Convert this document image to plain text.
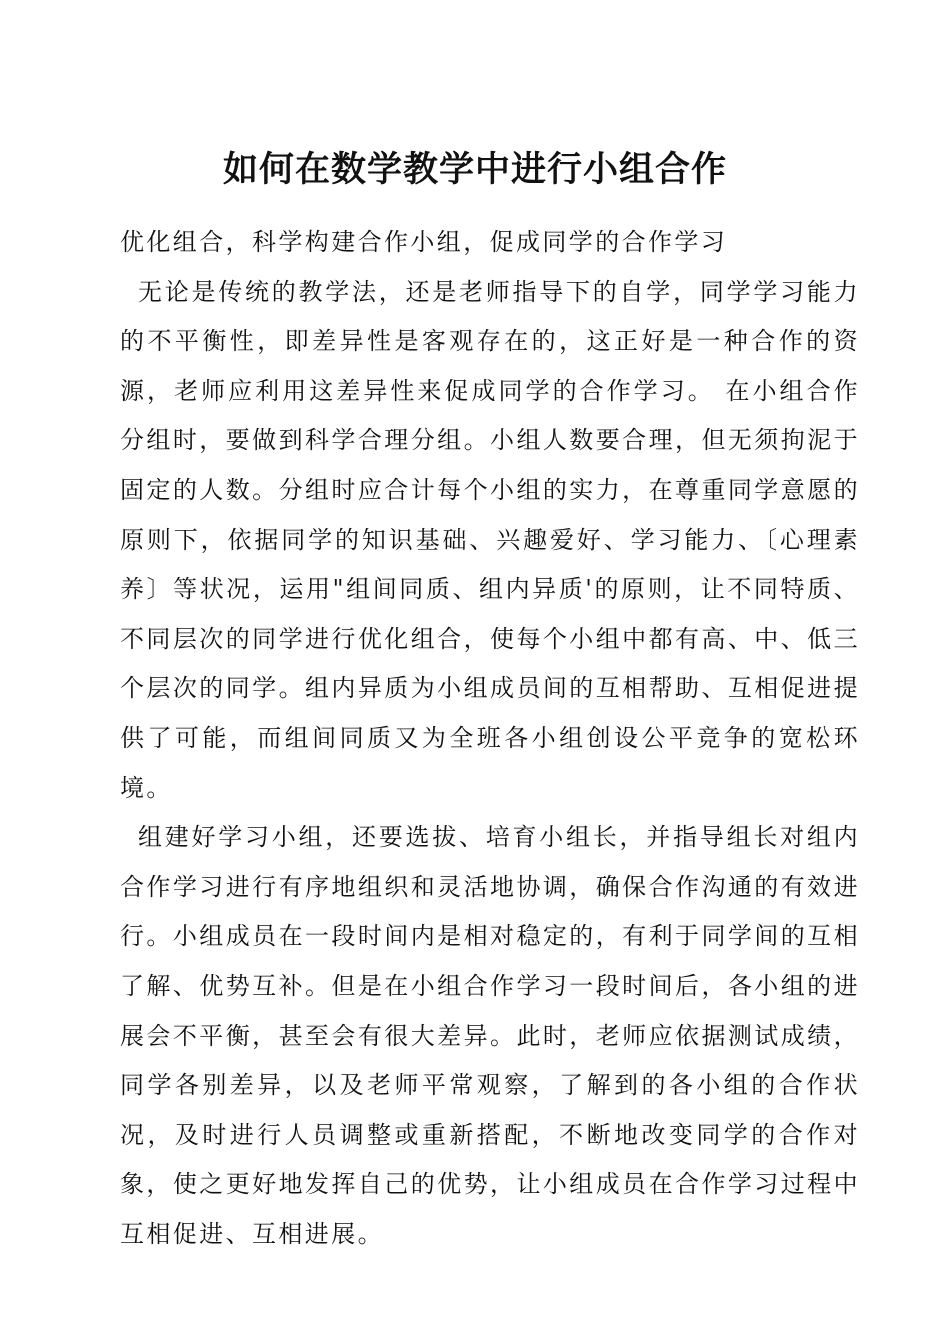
如何在数学教学中进行小组合作

优化组合，科学构建合作小组，促成同学的合作学习

无论是传统的教学法，还是老师指导下的自学，同学学习能力的不平衡性，即差异性是客观存在的，这正好是一种合作的资源，老师应利用这差异性来促成同学的合作学习。 在小组合作分组时，要做到科学合理分组。小组人数要合理，但无须拘泥于固定的人数。分组时应合计每个小组的实力，在尊重同学意愿的原则下，依据同学的知识基础、兴趣爱好、学习能力、〔心理素养〕等状况，运用"组间同质、组内异质'的原则，让不同特质、不同层次的同学进行优化组合，使每个小组中都有高、中、低三个层次的同学。组内异质为小组成员间的互相帮助、互相促进提供了可能，而组间同质又为全班各小组创设公平竞争的宽松环境。

组建好学习小组，还要选拔、培育小组长，并指导组长对组内合作学习进行有序地组织和灵活地协调，确保合作沟通的有效进行。小组成员在一段时间内是相对稳定的，有利于同学间的互相了解、优势互补。但是在小组合作学习一段时间后，各小组的进展会不平衡，甚至会有很大差异。此时，老师应依据测试成绩，同学各别差异，以及老师平常观察，了解到的各小组的合作状况，及时进行人员调整或重新搭配，不断地改变同学的合作对象，使之更好地发挥自己的优势，让小组成员在合作学习过程中互相促进、互相进展。
